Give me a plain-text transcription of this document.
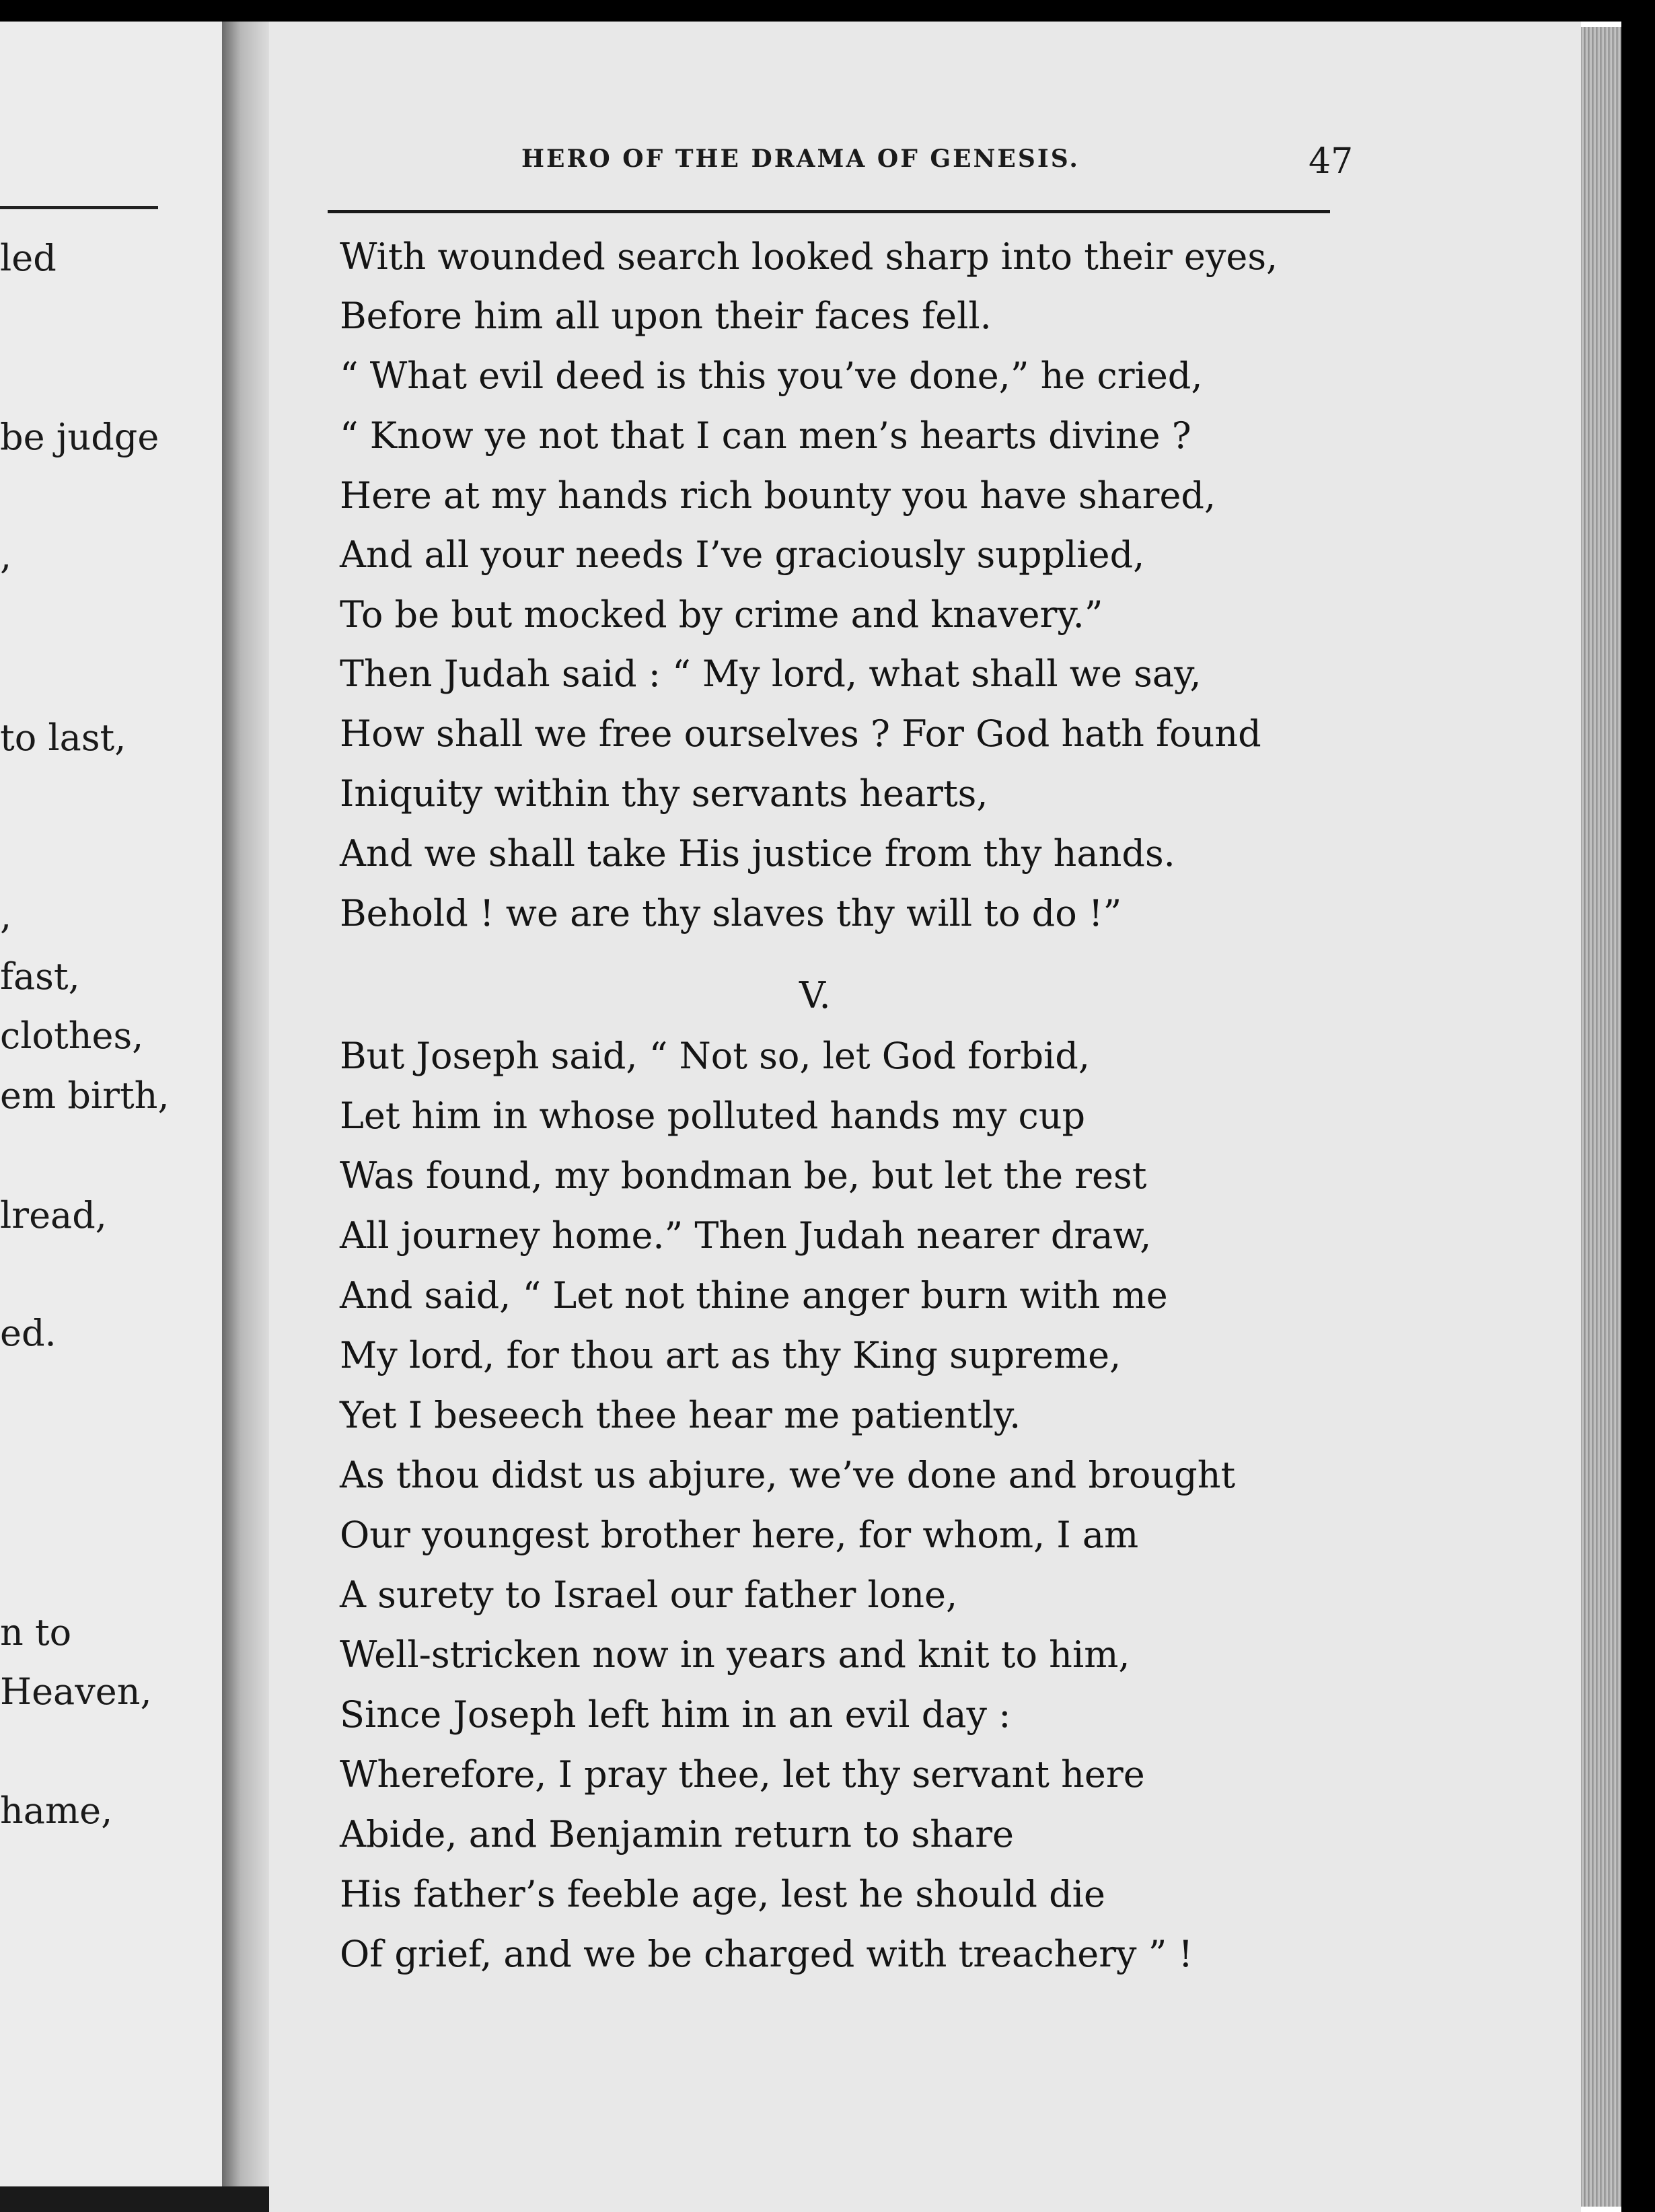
led
be judge
,
to last,
,
fast,
clothes,
em birth,
lread,
ed.
n to
Heaven,
hame,
HERO OF THE DRAMA OF GENESIS.	47
With wounded search looked sharp into their eyes,
Before him all upon their faces fell.
“ What evil deed is this you’ve done,” he cried,
“ Know ye not that I can men’s hearts divine ?
Here at my hands rich bounty you have shared,
And all your needs I’ve graciously supplied,
To be but mocked by crime and knavery.”
Then Judah said : “ My lord, what shall we say,
How shall we free ourselves ? For God hath found
Iniquity within thy servants hearts,
And we shall take His justice from thy hands.
Behold ! we are thy slaves thy will to do !”
V.
But Joseph said, “ Not so, let God forbid,
Let him in whose polluted hands my cup
Was found, my bondman be, but let the rest
All journey home.” Then Judah nearer draw,
And said, “ Let not thine anger burn with me
My lord, for thou art as thy King supreme,
Yet I beseech thee hear me patiently.
As thou didst us abjure, we’ve done and brought
Our youngest brother here, for whom, I am
A surety to Israel our father lone,
Well-stricken now in years and knit to him,
Since Joseph left him in an evil day :
Wherefore, I pray thee, let thy servant here
Abide, and Benjamin return to share
His father’s feeble age, lest he should die
Of grief, and we be charged with treachery ” !
